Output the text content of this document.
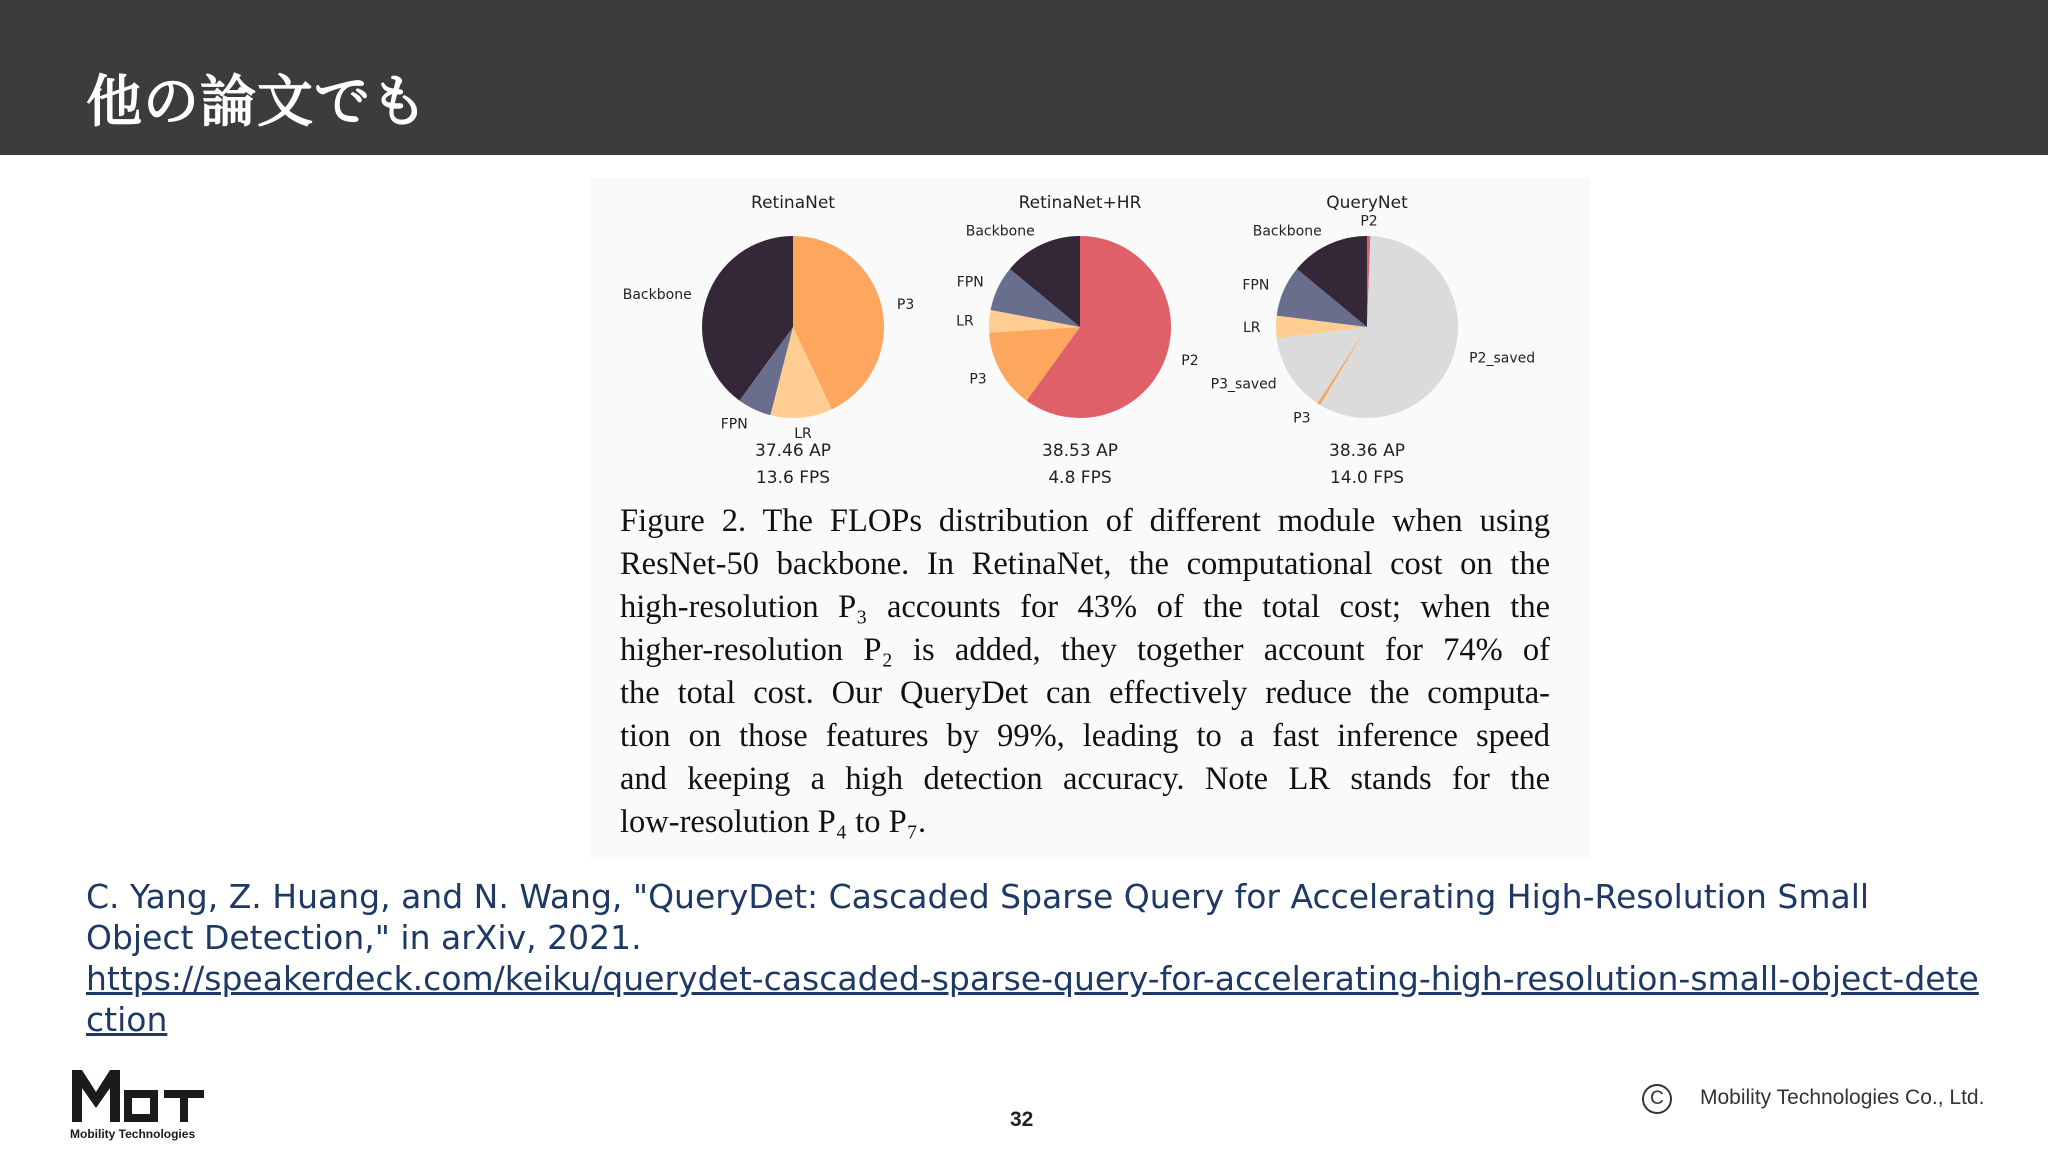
他の論文でも
P3
LR
FPN
Backbone
RetinaNet
37.46 AP
13.6 FPS
P2
P3
LR
FPN
Backbone
RetinaNet+HR
38.53 AP
4.8 FPS
P2
P2_saved
P3
P3_saved
LR
FPN
Backbone
QueryNet
38.36 AP
14.0 FPS
Figure 2. The FLOPs distribution of different module when using
ResNet-50 backbone. In RetinaNet, the computational cost on the
high-resolution P₃ accounts for 43% of the total cost; when the
higher-resolution P₂ is added, they together account for 74% of
the total cost. Our QueryDet can effectively reduce the computa-
tion on those features by 99%, leading to a fast inference speed
and keeping a high detection accuracy. Note LR stands for the
low-resolution P₄ to P₇.
C. Yang, Z. Huang, and N. Wang, "QueryDet: Cascaded Sparse Query for Accelerating High-Resolution Small Object Detection," in arXiv, 2021.
https://speakerdeck.com/keiku/querydet-cascaded-sparse-query-for-accelerating-high-resolution-small-object-detection
Mobility Technologies
32
C	Mobility Technologies Co., Ltd.
